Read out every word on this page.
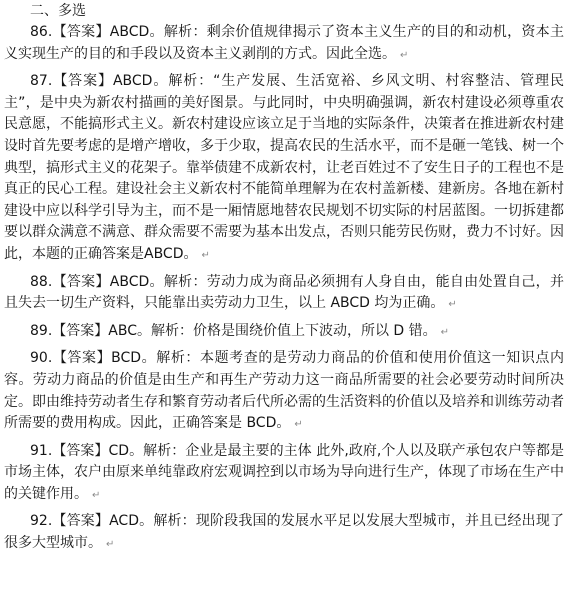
二、多选

86.【答案】ABCD。解析：剩余价值规律揭示了资本主义生产的目的和动机，资本主义实现生产的目的和手段以及资本主义剥削的方式。因此全选。 ↵

87.【答案】ABCD。解析：“生产发展、生活宽裕、乡风文明、村容整洁、管理民主”，是中央为新农村描画的美好图景。与此同时，中央明确强调，新农村建设必须尊重农民意愿，不能搞形式主义。新农村建设应该立足于当地的实际条件，决策者在推进新农村建设时首先要考虑的是增产增收，多于少取，提高农民的生活水平，而不是砸一笔钱、树一个典型，搞形式主义的花架子。靠举债建不成新农村，让老百姓过不了安生日子的工程也不是真正的民心工程。建设社会主义新农村不能简单理解为在农村盖新楼、建新房。各地在新村建设中应以科学引导为主，而不是一厢情愿地替农民规划不切实际的村居蓝图。一切拆建都要以群众满意不满意、群众需要不需要为基本出发点，否则只能劳民伤财，费力不讨好。因此，本题的正确答案是ABCD。 ↵

88.【答案】ABCD。解析：劳动力成为商品必须拥有人身自由，能自由处置自己，并且失去一切生产资料，只能靠出卖劳动力卫生，以上 ABCD 均为正确。 ↵

89.【答案】ABC。解析：价格是围绕价值上下波动，所以 D 错。 ↵

90.【答案】BCD。解析：本题考查的是劳动力商品的价值和使用价值这一知识点内容。劳动力商品的价值是由生产和再生产劳动力这一商品所需要的社会必要劳动时间所决定。即由维持劳动者生存和繁育劳动者后代所必需的生活资料的价值以及培养和训练劳动者所需要的费用构成。因此，正确答案是 BCD。 ↵

91.【答案】CD。解析：企业是最主要的主体 此外,政府,个人以及联产承包农户等都是市场主体，农户由原来单纯靠政府宏观调控到以市场为导向进行生产，体现了市场在生产中的关键作用。 ↵

92.【答案】ACD。解析：现阶段我国的发展水平足以发展大型城市，并且已经出现了很多大型城市。 ↵
